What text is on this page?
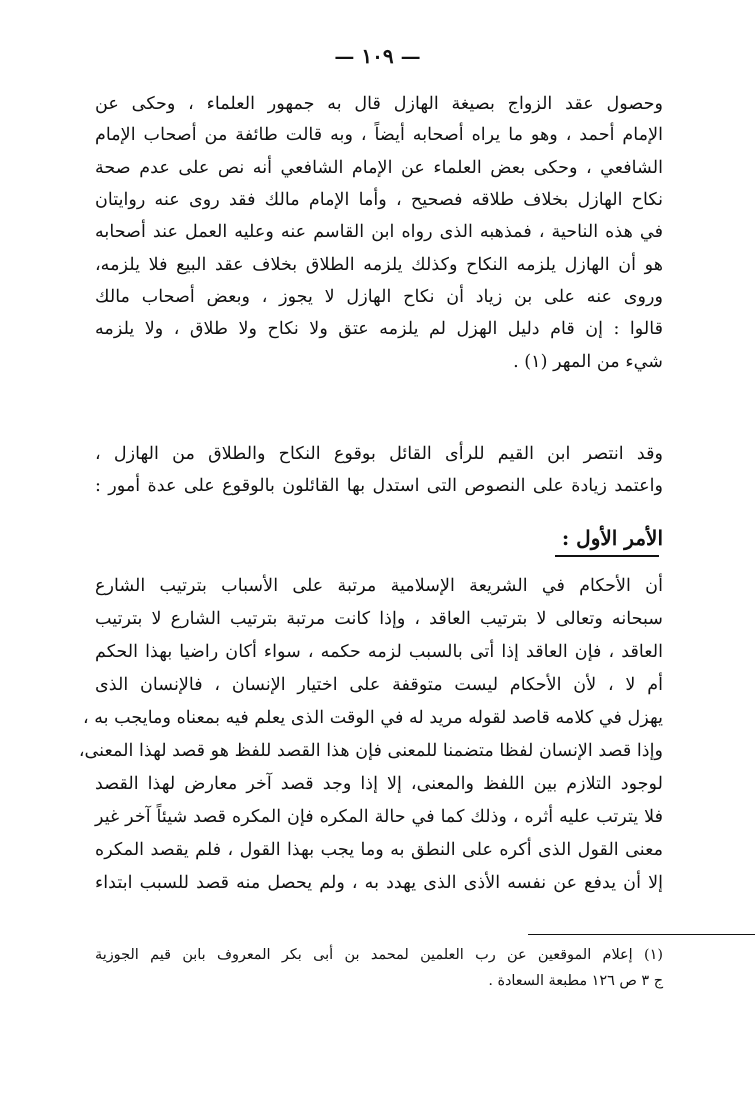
— ١٠٩ —
وحصول عقد الزواج بصيغة الهازل قال به جمهور العلماء ، وحكى عن
الإمام أحمد ، وهو ما يراه أصحابه أيضاً ، وبه قالت طائفة من أصحاب الإمام
الشافعي ، وحكى بعض العلماء عن الإمام الشافعي أنه نص على عدم صحة
نكاح الهازل بخلاف طلاقه فصحيح ، وأما الإمام مالك فقد روى عنه روايتان
في هذه الناحية ، فمذهبه الذى رواه ابن القاسم عنه وعليه العمل عند أصحابه
هو أن الهازل يلزمه النكاح وكذلك يلزمه الطلاق بخلاف عقد البيع فلا يلزمه،
وروى عنه على بن زياد أن نكاح الهازل لا يجوز ، وبعض أصحاب مالك
قالوا : إن قام دليل الهزل لم يلزمه عتق ولا نكاح ولا طلاق ، ولا يلزمه
شيء من المهر (١) .
وقد انتصر ابن القيم للرأى القائل بوقوع النكاح والطلاق من الهازل ،
واعتمد زيادة على النصوص التى استدل بها القائلون بالوقوع على عدة أمور :
الأمر الأول :
أن الأحكام في الشريعة الإسلامية مرتبة على الأسباب بترتيب الشارع
سبحانه وتعالى لا بترتيب العاقد ، وإذا كانت مرتبة بترتيب الشارع لا بترتيب
العاقد ، فإن العاقد إذا أتى بالسبب لزمه حكمه ، سواء أكان راضيا بهذا الحكم
أم لا ، لأن الأحكام ليست متوقفة على اختيار الإنسان ، فالإنسان الذى
يهزل في كلامه قاصد لقوله مريد له في الوقت الذى يعلم فيه بمعناه ومايجب به ،
وإذا قصد الإنسان لفظا متضمنا للمعنى فإن هذا القصد للفظ هو قصد لهذا المعنى،
لوجود التلازم بين اللفظ والمعنى، إلا إذا وجد قصد آخر معارض لهذا القصد
فلا يترتب عليه أثره ، وذلك كما في حالة المكره فإن المكره قصد شيئاً آخر غير
معنى القول الذى أكره على النطق به وما يجب بهذا القول ، فلم يقصد المكره
إلا أن يدفع عن نفسه الأذى الذى يهدد به ، ولم يحصل منه قصد للسبب ابتداء
(١) إعلام الموقعين عن رب العلمين لمحمد بن أبى بكر المعروف بابن قيم الجوزية
ج ٣ ص ١٢٦ مطبعة السعادة .
